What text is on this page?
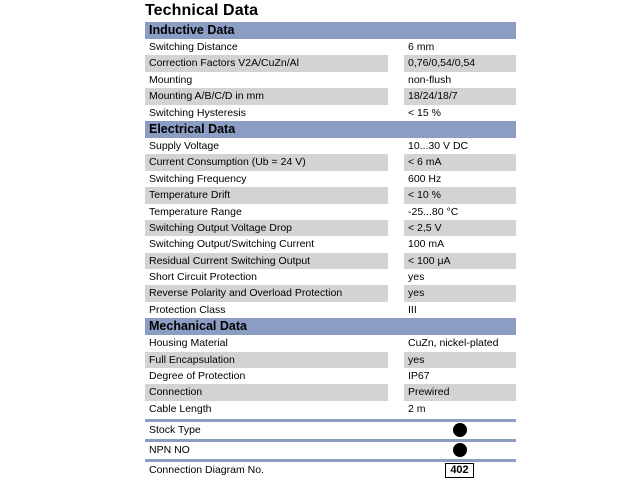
Technical Data
Inductive Data
Switching Distance	6 mm
Correction Factors V2A/CuZn/Al	0,76/0,54/0,54
Mounting	non-flush
Mounting A/B/C/D in mm	18/24/18/7
Switching Hysteresis	< 15 %
Electrical Data
Supply Voltage	10...30 V DC
Current Consumption (Ub = 24 V)	< 6 mA
Switching Frequency	600 Hz
Temperature Drift	< 10 %
Temperature Range	-25...80 °C
Switching Output Voltage Drop	< 2,5 V
Switching Output/Switching Current	100 mA
Residual Current Switching Output	< 100 μA
Short Circuit Protection	yes
Reverse Polarity and Overload Protection	yes
Protection Class	III
Mechanical Data
Housing Material	CuZn, nickel-plated
Full Encapsulation	yes
Degree of Protection	IP67
Connection	Prewired
Cable Length	2 m
Stock Type
NPN NO
Connection Diagram No.	402
